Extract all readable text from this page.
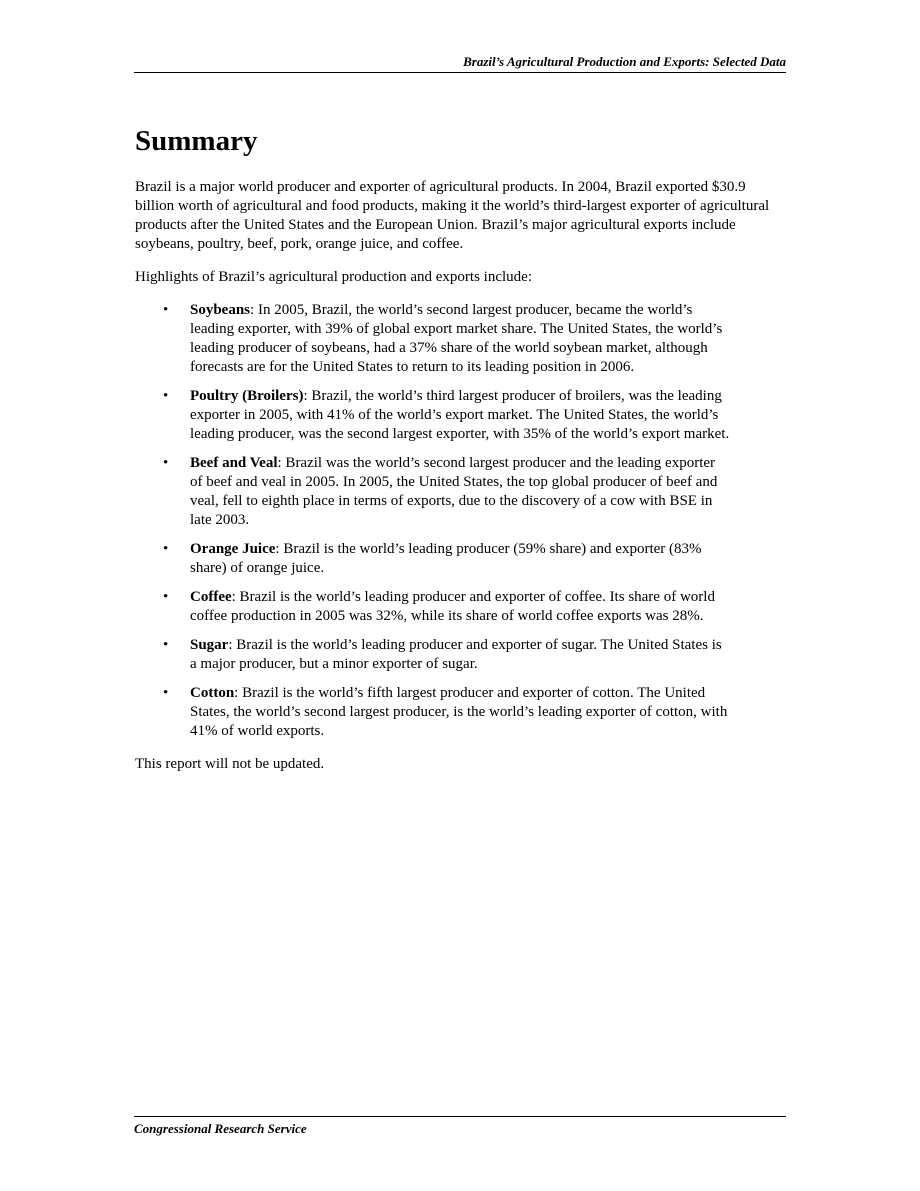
Brazil’s Agricultural Production and Exports: Selected Data
Summary

Brazil is a major world producer and exporter of agricultural products. In 2004, Brazil exported $30.9 billion worth of agricultural and food products, making it the world’s third-largest exporter of agricultural products after the United States and the European Union. Brazil’s major agricultural exports include soybeans, poultry, beef, pork, orange juice, and coffee.

Highlights of Brazil’s agricultural production and exports include:

• Soybeans: In 2005, Brazil, the world’s second largest producer, became the world’s leading exporter, with 39% of global export market share. The United States, the world’s leading producer of soybeans, had a 37% share of the world soybean market, although forecasts are for the United States to return to its leading position in 2006.
• Poultry (Broilers): Brazil, the world’s third largest producer of broilers, was the leading exporter in 2005, with 41% of the world’s export market. The United States, the world’s leading producer, was the second largest exporter, with 35% of the world’s export market.
• Beef and Veal: Brazil was the world’s second largest producer and the leading exporter of beef and veal in 2005. In 2005, the United States, the top global producer of beef and veal, fell to eighth place in terms of exports, due to the discovery of a cow with BSE in late 2003.
• Orange Juice: Brazil is the world’s leading producer (59% share) and exporter (83% share) of orange juice.
• Coffee: Brazil is the world’s leading producer and exporter of coffee. Its share of world coffee production in 2005 was 32%, while its share of world coffee exports was 28%.
• Sugar: Brazil is the world’s leading producer and exporter of sugar. The United States is a major producer, but a minor exporter of sugar.
• Cotton: Brazil is the world’s fifth largest producer and exporter of cotton. The United States, the world’s second largest producer, is the world’s leading exporter of cotton, with 41% of world exports.

This report will not be updated.

Congressional Research Service
